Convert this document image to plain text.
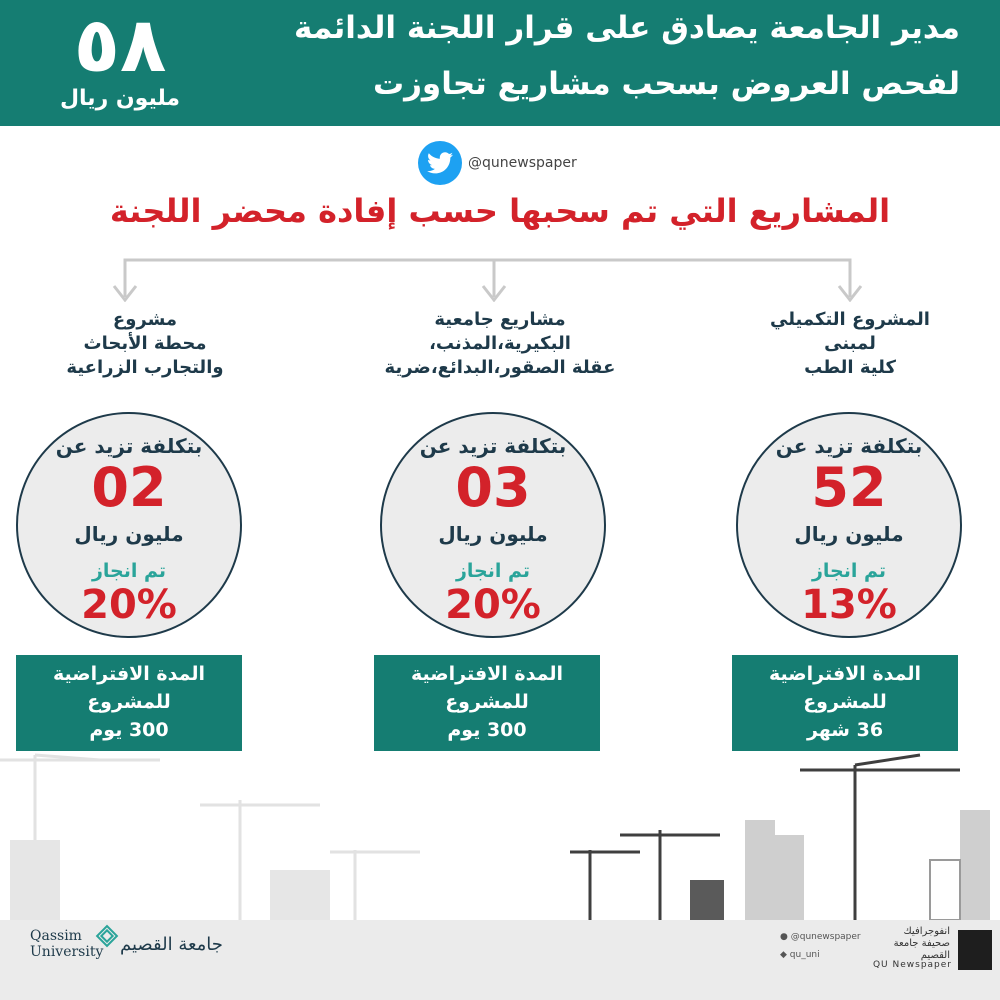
٥٨
مليون ريال
مدير الجامعة يصادق على قرار اللجنة الدائمة
لفحص العروض بسحب مشاريع تجاوزت
@qunewspaper
المشاريع التي تم سحبها حسب إفادة محضر اللجنة
مشروع
محطة الأبحاث
والتجارب الزراعية
مشاريع جامعية
البكيرية،المذنب،
عقلة الصقور،البدائع،ضرية
المشروع التكميلي
لمبنى
كلية الطب
بتكلفة تزيد عن
02
مليون ريال
تم انجاز
20%
بتكلفة تزيد عن
03
مليون ريال
تم انجاز
20%
بتكلفة تزيد عن
52
مليون ريال
تم انجاز
13%
المدة الافتراضية
للمشروع
300 يوم
المدة الافتراضية
للمشروع
300 يوم
المدة الافتراضية
للمشروع
36 شهر
Qassim
University جامعة القصيم	● @qunewspaper
◆ qu_uni
انفوجرافيك
صحيفة جامعة القصيم
QU Newspaper
